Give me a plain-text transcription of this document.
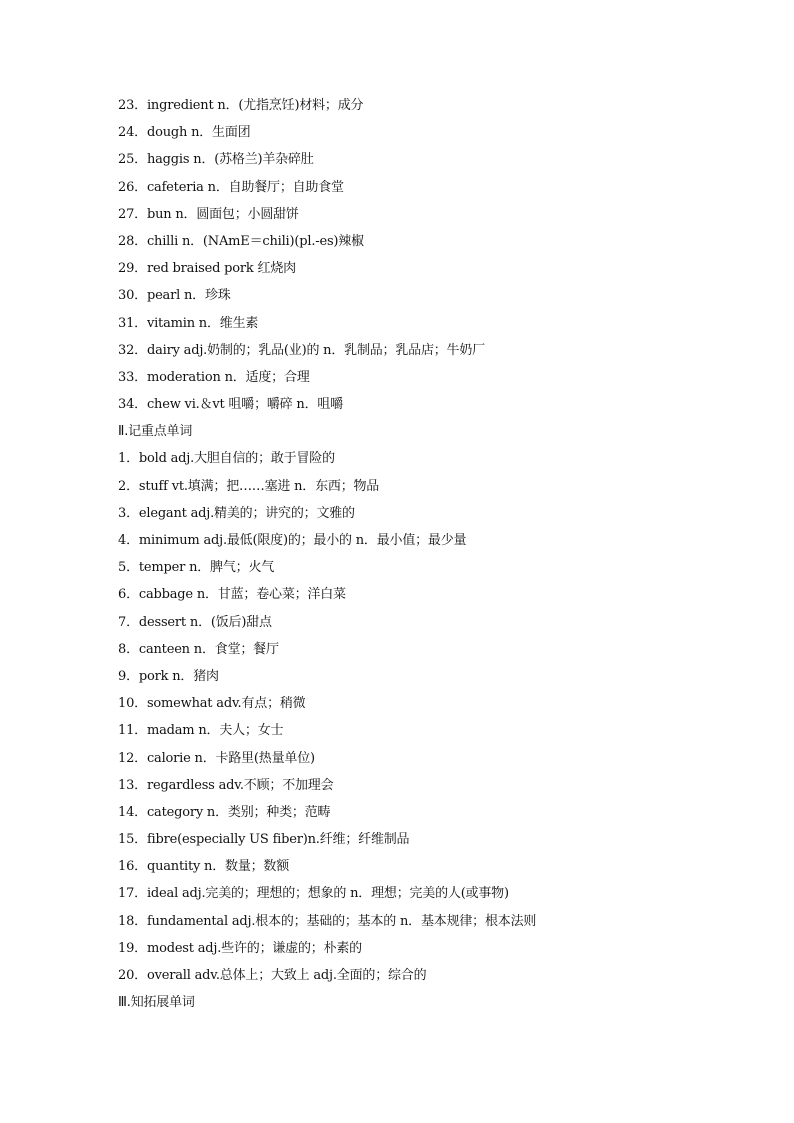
23．ingredient n．(尤指烹饪)材料；成分
24．dough n．生面团
25．haggis n．(苏格兰)羊杂碎肚
26．cafeteria n．自助餐厅；自助食堂
27．bun n．圆面包；小圆甜饼
28．chilli n．(NAmE＝chili)(pl.-es)辣椒
29．red braised pork 红烧肉
30．pearl n．珍珠
31．vitamin n．维生素
32．dairy adj.奶制的；乳品(业)的 n．乳制品；乳品店；牛奶厂
33．moderation n．适度；合理
34．chew vi.＆vt 咀嚼；嚼碎 n．咀嚼
Ⅱ.记重点单词
1．bold adj.大胆自信的；敢于冒险的
2．stuff vt.填满；把……塞进 n．东西；物品
3．elegant adj.精美的；讲究的；文雅的
4．minimum adj.最低(限度)的；最小的 n．最小值；最少量
5．temper n．脾气；火气
6．cabbage n．甘蓝；卷心菜；洋白菜
7．dessert n．(饭后)甜点
8．canteen n．食堂；餐厅
9．pork n．猪肉
10．somewhat adv.有点；稍微
11．madam n．夫人；女士
12．calorie n．卡路里(热量单位)
13．regardless adv.不顾；不加理会
14．category n．类别；种类；范畴
15．fibre(especially US fiber)n.纤维；纤维制品
16．quantity n．数量；数额
17．ideal adj.完美的；理想的；想象的 n．理想；完美的人(或事物)
18．fundamental adj.根本的；基础的；基本的 n．基本规律；根本法则
19．modest adj.些许的；谦虚的；朴素的
20．overall adv.总体上；大致上 adj.全面的；综合的
Ⅲ.知拓展单词
